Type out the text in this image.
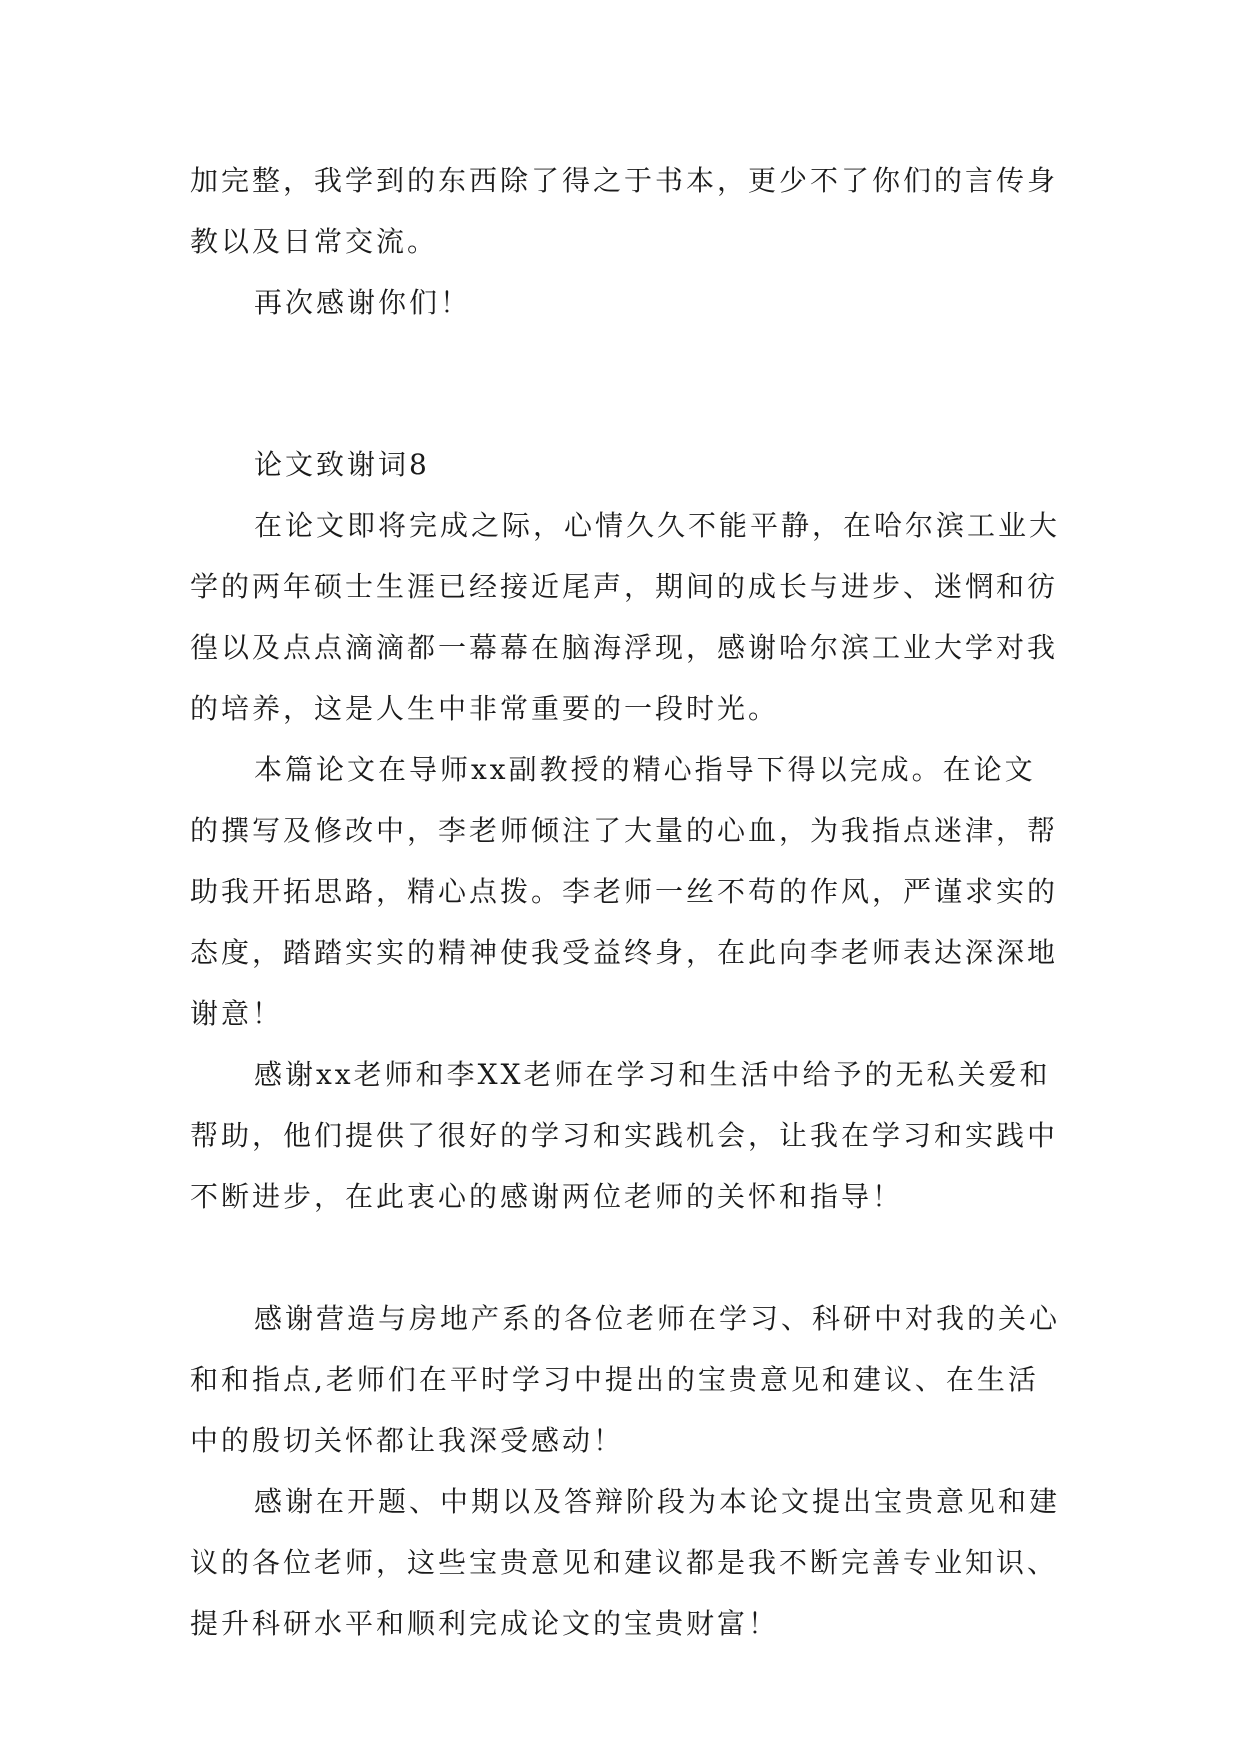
加完整，我学到的东西除了得之于书本，更少不了你们的言传身教以及日常交流。

再次感谢你们！

论文致谢词8

在论文即将完成之际，心情久久不能平静，在哈尔滨工业大学的两年硕士生涯已经接近尾声，期间的成长与进步、迷惘和彷徨以及点点滴滴都一幕幕在脑海浮现，感谢哈尔滨工业大学对我的培养，这是人生中非常重要的一段时光。

本篇论文在导师xx副教授的精心指导下得以完成。在论文的撰写及修改中，李老师倾注了大量的心血，为我指点迷津，帮助我开拓思路，精心点拨。李老师一丝不苟的作风，严谨求实的态度，踏踏实实的精神使我受益终身，在此向李老师表达深深地谢意！

感谢xx老师和李XX老师在学习和生活中给予的无私关爱和帮助，他们提供了很好的学习和实践机会，让我在学习和实践中不断进步，在此衷心的感谢两位老师的关怀和指导！

感谢营造与房地产系的各位老师在学习、科研中对我的关心和和指点,老师们在平时学习中提出的宝贵意见和建议、在生活中的殷切关怀都让我深受感动！

感谢在开题、中期以及答辩阶段为本论文提出宝贵意见和建议的各位老师，这些宝贵意见和建议都是我不断完善专业知识、提升科研水平和顺利完成论文的宝贵财富！
